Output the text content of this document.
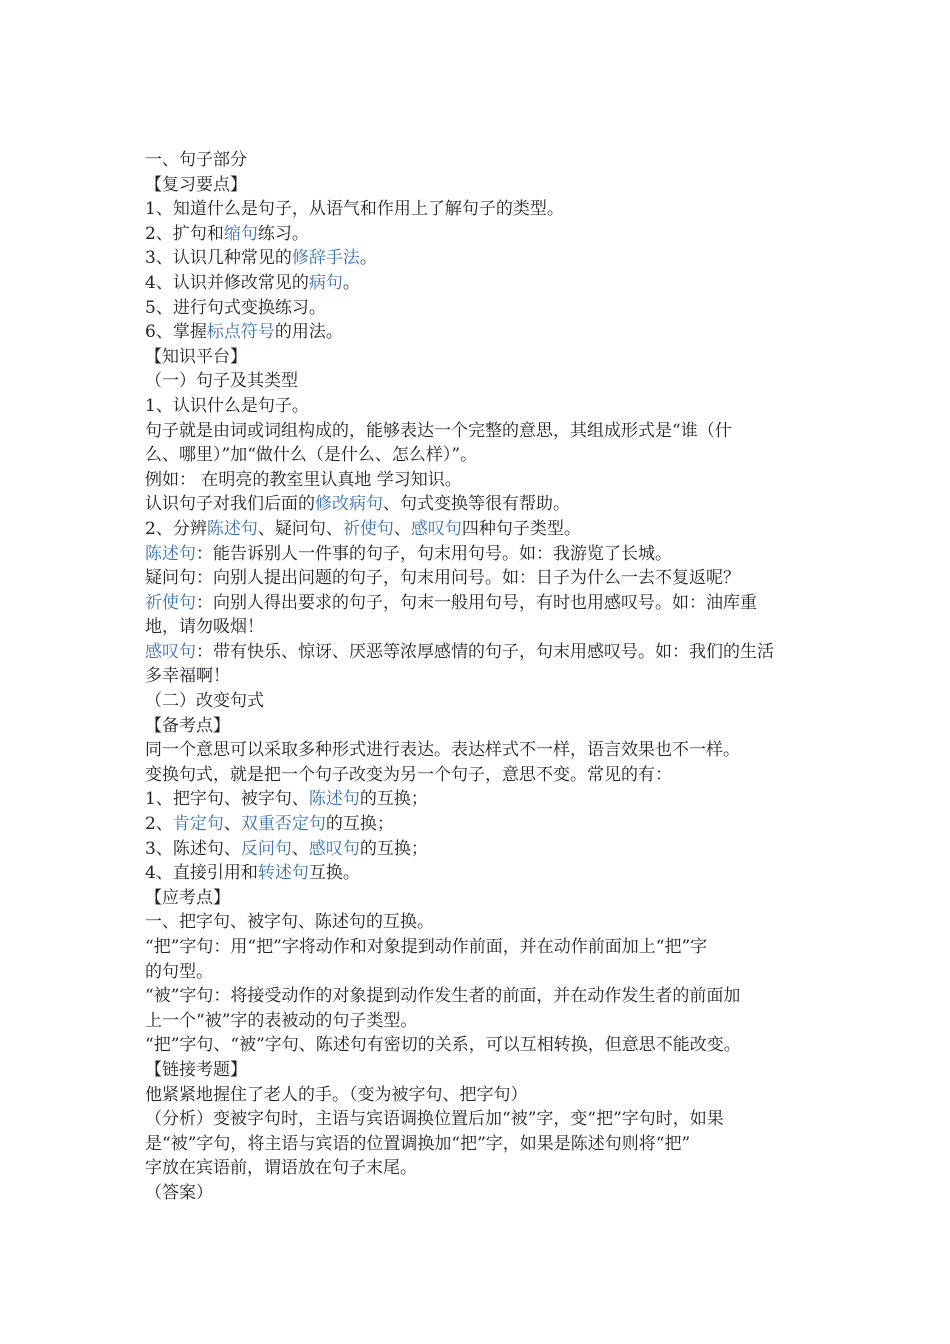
一、句子部分
【复习要点】
1、知道什么是句子，从语气和作用上了解句子的类型。
2、扩句和缩句练习。
3、认识几种常见的修辞手法。
4、认识并修改常见的病句。
5、进行句式变换练习。
6、掌握标点符号的用法。
【知识平台】
（一）句子及其类型
1、认识什么是句子。
句子就是由词或词组构成的，能够表达一个完整的意思，其组成形式是“谁（什
么、哪里）”加“做什么（是什么、怎么样）”。
例如： 在明亮的教室里认真地 学习知识。
认识句子对我们后面的修改病句、句式变换等很有帮助。
2、分辨陈述句、疑问句、祈使句、感叹句四种句子类型。
陈述句：能告诉别人一件事的句子，句末用句号。如：我游览了长城。
疑问句：向别人提出问题的句子，句末用问号。如：日子为什么一去不复返呢？
祈使句：向别人得出要求的句子，句末一般用句号，有时也用感叹号。如：油库重
地，请勿吸烟！
感叹句：带有快乐、惊讶、厌恶等浓厚感情的句子，句末用感叹号。如：我们的生活
多幸福啊！
（二）改变句式
【备考点】
同一个意思可以采取多种形式进行表达。表达样式不一样，语言效果也不一样。
变换句式，就是把一个句子改变为另一个句子，意思不变。常见的有：
1、把字句、被字句、陈述句的互换；
2、肯定句、双重否定句的互换；
3、陈述句、反问句、感叹句的互换；
4、直接引用和转述句互换。
【应考点】
一、把字句、被字句、陈述句的互换。
“把”字句：用“把”字将动作和对象提到动作前面，并在动作前面加上“把”字
的句型。
“被”字句：将接受动作的对象提到动作发生者的前面，并在动作发生者的前面加
上一个“被”字的表被动的句子类型。
“把”字句、“被”字句、陈述句有密切的关系，可以互相转换，但意思不能改变。
【链接考题】
他紧紧地握住了老人的手。（变为被字句、把字句）
（分析）变被字句时，主语与宾语调换位置后加“被”字，变“把”字句时，如果
是“被”字句，将主语与宾语的位置调换加“把”字，如果是陈述句则将“把”
字放在宾语前，谓语放在句子末尾。
（答案）
